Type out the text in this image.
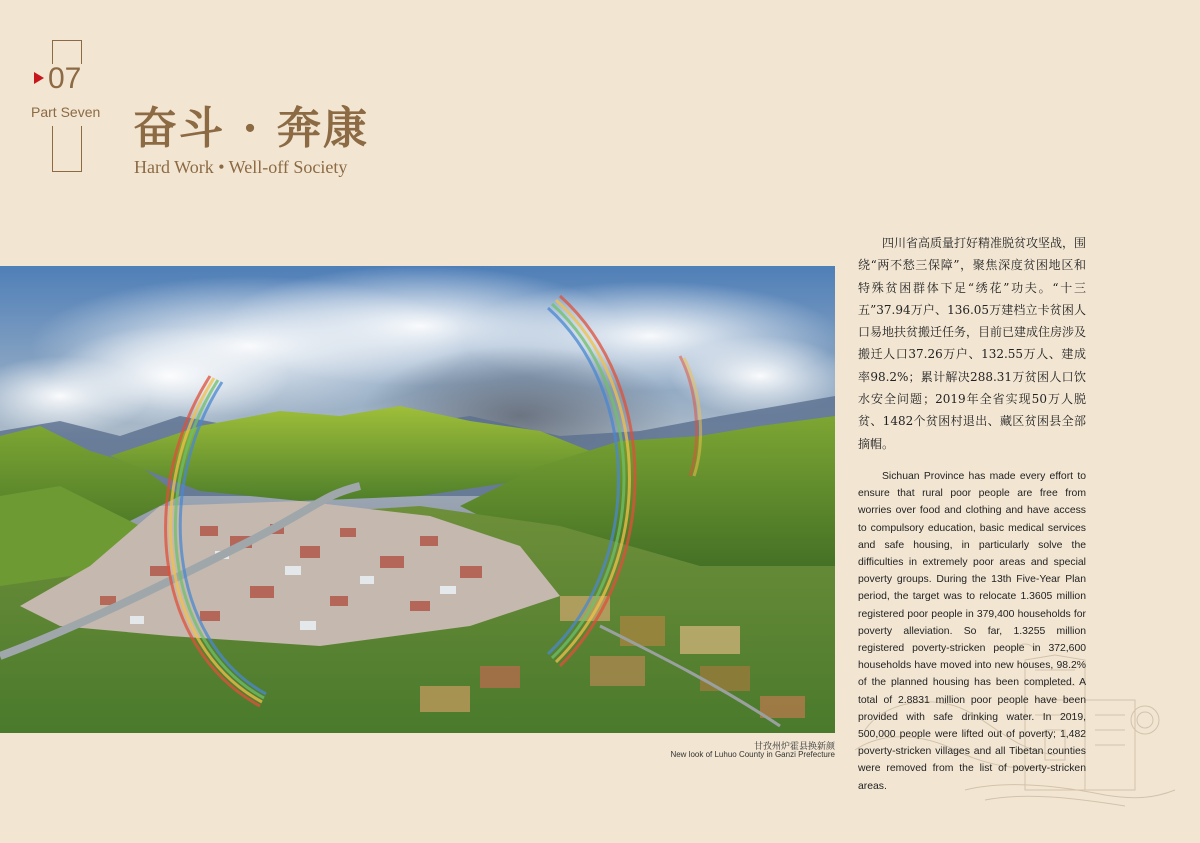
07
Part Seven 奋斗 · 奔康
Hard Work • Well-off Society
甘孜州炉霍县换新颜
New look of Luhuo County in Ganzi Prefecture

四川省高质量打好精准脱贫攻坚战，围绕“两不愁三保障”，聚焦深度贫困地区和特殊贫困群体下足“绣花”功夫。“十三五”37.94万户、136.05万建档立卡贫困人口易地扶贫搬迁任务，目前已建成住房涉及搬迁人口37.26万户、132.55万人、建成率98.2%；累计解决288.31万贫困人口饮水安全问题；2019年全省实现50万人脱贫、1482个贫困村退出、藏区贫困县全部摘帽。

Sichuan Province has made every effort to ensure that rural poor people are free from worries over food and clothing and have access to compulsory education, basic medical services and safe housing, in particularly solve the difficulties in extremely poor areas and special poverty groups. During the 13th Five-Year Plan period, the target was to relocate 1.3605 million registered poor people in 379,400 households for poverty alleviation. So far, 1.3255 million registered poverty-stricken people in 372,600 households have moved into new houses, 98.2% of the planned housing has been completed. A total of 2.8831 million poor people have been provided with safe drinking water. In 2019, 500,000 people were lifted out of poverty; 1,482 poverty-stricken villages and all Tibetan counties were removed from the list of poverty-stricken areas.
